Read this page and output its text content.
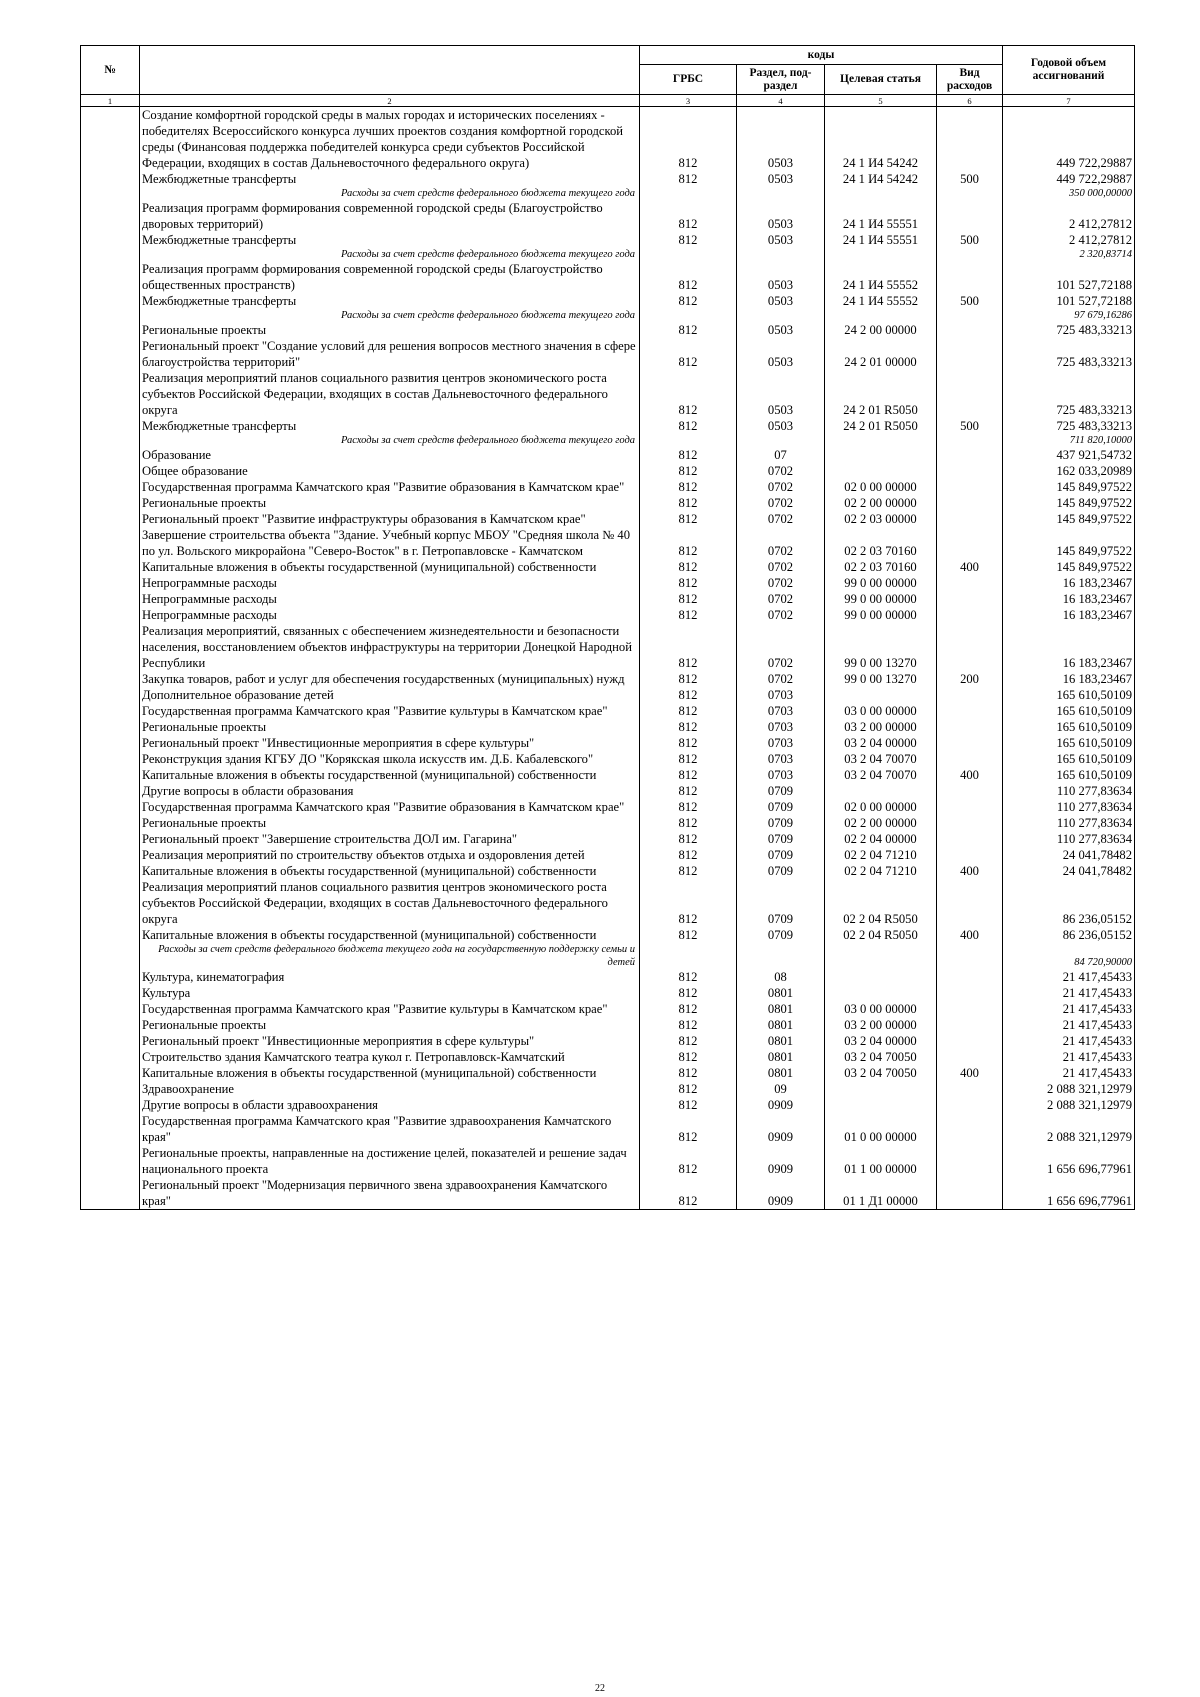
№		коды				Годовой объем ассигнований
		ГРБС	Раздел, под-раздел	Целевая статья	Вид расходов	
1	2	3	4	5	6	7
	Создание комфортной городской среды в малых городах и исторических поселениях - победителях Всероссийского конкурса лучших проектов создания комфортной городской среды (Финансовая поддержка победителей конкурса среди субъектов Российской Федерации, входящих в состав Дальневосточного федерального округа)	812	0503	24 1 И4 54242		449 722,29887
	Межбюджетные трансферты	812	0503	24 1 И4 54242	500	449 722,29887
	Расходы за счет средств федерального бюджета текущего года					350 000,00000
	Реализация программ формирования современной городской среды (Благоустройство дворовых территорий)	812	0503	24 1 И4 55551		2 412,27812
	Межбюджетные трансферты	812	0503	24 1 И4 55551	500	2 412,27812
	Расходы за счет средств федерального бюджета текущего года					2 320,83714
	Реализация программ формирования современной городской среды (Благоустройство общественных пространств)	812	0503	24 1 И4 55552		101 527,72188
	Межбюджетные трансферты	812	0503	24 1 И4 55552	500	101 527,72188
	Расходы за счет средств федерального бюджета текущего года					97 679,16286
	Региональные проекты	812	0503	24 2 00 00000		725 483,33213
	Региональный проект "Создание условий для решения вопросов местного значения в сфере благоустройства территорий"	812	0503	24 2 01 00000		725 483,33213
	Реализация мероприятий планов социального развития центров экономического роста субъектов Российской Федерации, входящих в состав Дальневосточного федерального округа	812	0503	24 2 01 R5050		725 483,33213
	Межбюджетные трансферты	812	0503	24 2 01 R5050	500	725 483,33213
	Расходы за счет средств федерального бюджета текущего года					711 820,10000
	Образование	812	07			437 921,54732
	Общее образование	812	0702			162 033,20989
	Государственная программа Камчатского края "Развитие образования в Камчатском крае"	812	0702	02 0 00 00000		145 849,97522
	Региональные проекты	812	0702	02 2 00 00000		145 849,97522
	Региональный проект "Развитие инфраструктуры образования в Камчатском крае"	812	0702	02 2 03 00000		145 849,97522
	Завершение строительства объекта "Здание. Учебный корпус МБОУ "Средняя школа № 40 по ул. Вольского микрорайона "Северо-Восток" в г. Петропавловске - Камчатском	812	0702	02 2 03 70160		145 849,97522
	Капитальные вложения в объекты государственной (муниципальной) собственности	812	0702	02 2 03 70160	400	145 849,97522
	Непрограммные расходы	812	0702	99 0 00 00000		16 183,23467
	Непрограммные расходы	812	0702	99 0 00 00000		16 183,23467
	Непрограммные расходы	812	0702	99 0 00 00000		16 183,23467
	Реализация мероприятий, связанных с обеспечением жизнедеятельности и безопасности населения, восстановлением объектов инфраструктуры на территории Донецкой Народной Республики	812	0702	99 0 00 13270		16 183,23467
	Закупка товаров, работ и услуг для обеспечения государственных (муниципальных) нужд	812	0702	99 0 00 13270	200	16 183,23467
	Дополнительное образование детей	812	0703			165 610,50109
	Государственная программа Камчатского края "Развитие культуры в Камчатском крае"	812	0703	03 0 00 00000		165 610,50109
	Региональные проекты	812	0703	03 2 00 00000		165 610,50109
	Региональный проект "Инвестиционные мероприятия в сфере культуры"	812	0703	03 2 04 00000		165 610,50109
	Реконструкция здания КГБУ ДО "Корякская школа искусств им. Д.Б. Кабалевского"	812	0703	03 2 04 70070		165 610,50109
	Капитальные вложения в объекты государственной (муниципальной) собственности	812	0703	03 2 04 70070	400	165 610,50109
	Другие вопросы в области образования	812	0709			110 277,83634
	Государственная программа Камчатского края "Развитие образования в Камчатском крае"	812	0709	02 0 00 00000		110 277,83634
	Региональные проекты	812	0709	02 2 00 00000		110 277,83634
	Региональный проект "Завершение строительства ДОЛ им. Гагарина"	812	0709	02 2 04 00000		110 277,83634
	Реализация мероприятий по строительству объектов отдыха и оздоровления детей	812	0709	02 2 04 71210		24 041,78482
	Капитальные вложения в объекты государственной (муниципальной) собственности	812	0709	02 2 04 71210	400	24 041,78482
	Реализация мероприятий планов социального развития центров экономического роста субъектов Российской Федерации, входящих в состав Дальневосточного федерального округа	812	0709	02 2 04 R5050		86 236,05152
	Капитальные вложения в объекты государственной (муниципальной) собственности	812	0709	02 2 04 R5050	400	86 236,05152
	Расходы за счет средств федерального бюджета текущего года на государственную поддержку семьи и детей					84 720,90000
	Культура, кинематография	812	08			21 417,45433
	Культура	812	0801			21 417,45433
	Государственная программа Камчатского края "Развитие культуры в Камчатском крае"	812	0801	03 0 00 00000		21 417,45433
	Региональные проекты	812	0801	03 2 00 00000		21 417,45433
	Региональный проект "Инвестиционные мероприятия в сфере культуры"	812	0801	03 2 04 00000		21 417,45433
	Строительство здания Камчатского театра кукол г. Петропавловск-Камчатский	812	0801	03 2 04 70050		21 417,45433
	Капитальные вложения в объекты государственной (муниципальной) собственности	812	0801	03 2 04 70050	400	21 417,45433
	Здравоохранение	812	09			2 088 321,12979
	Другие вопросы в области здравоохранения	812	0909			2 088 321,12979
	Государственная программа Камчатского края "Развитие здравоохранения Камчатского края"	812	0909	01 0 00 00000		2 088 321,12979
	Региональные проекты, направленные на достижение целей, показателей и решение задач национального проекта	812	0909	01 1 00 00000		1 656 696,77961
	Региональный проект "Модернизация первичного звена здравоохранения Камчатского края"	812	0909	01 1 Д1 00000		1 656 696,77961
22
